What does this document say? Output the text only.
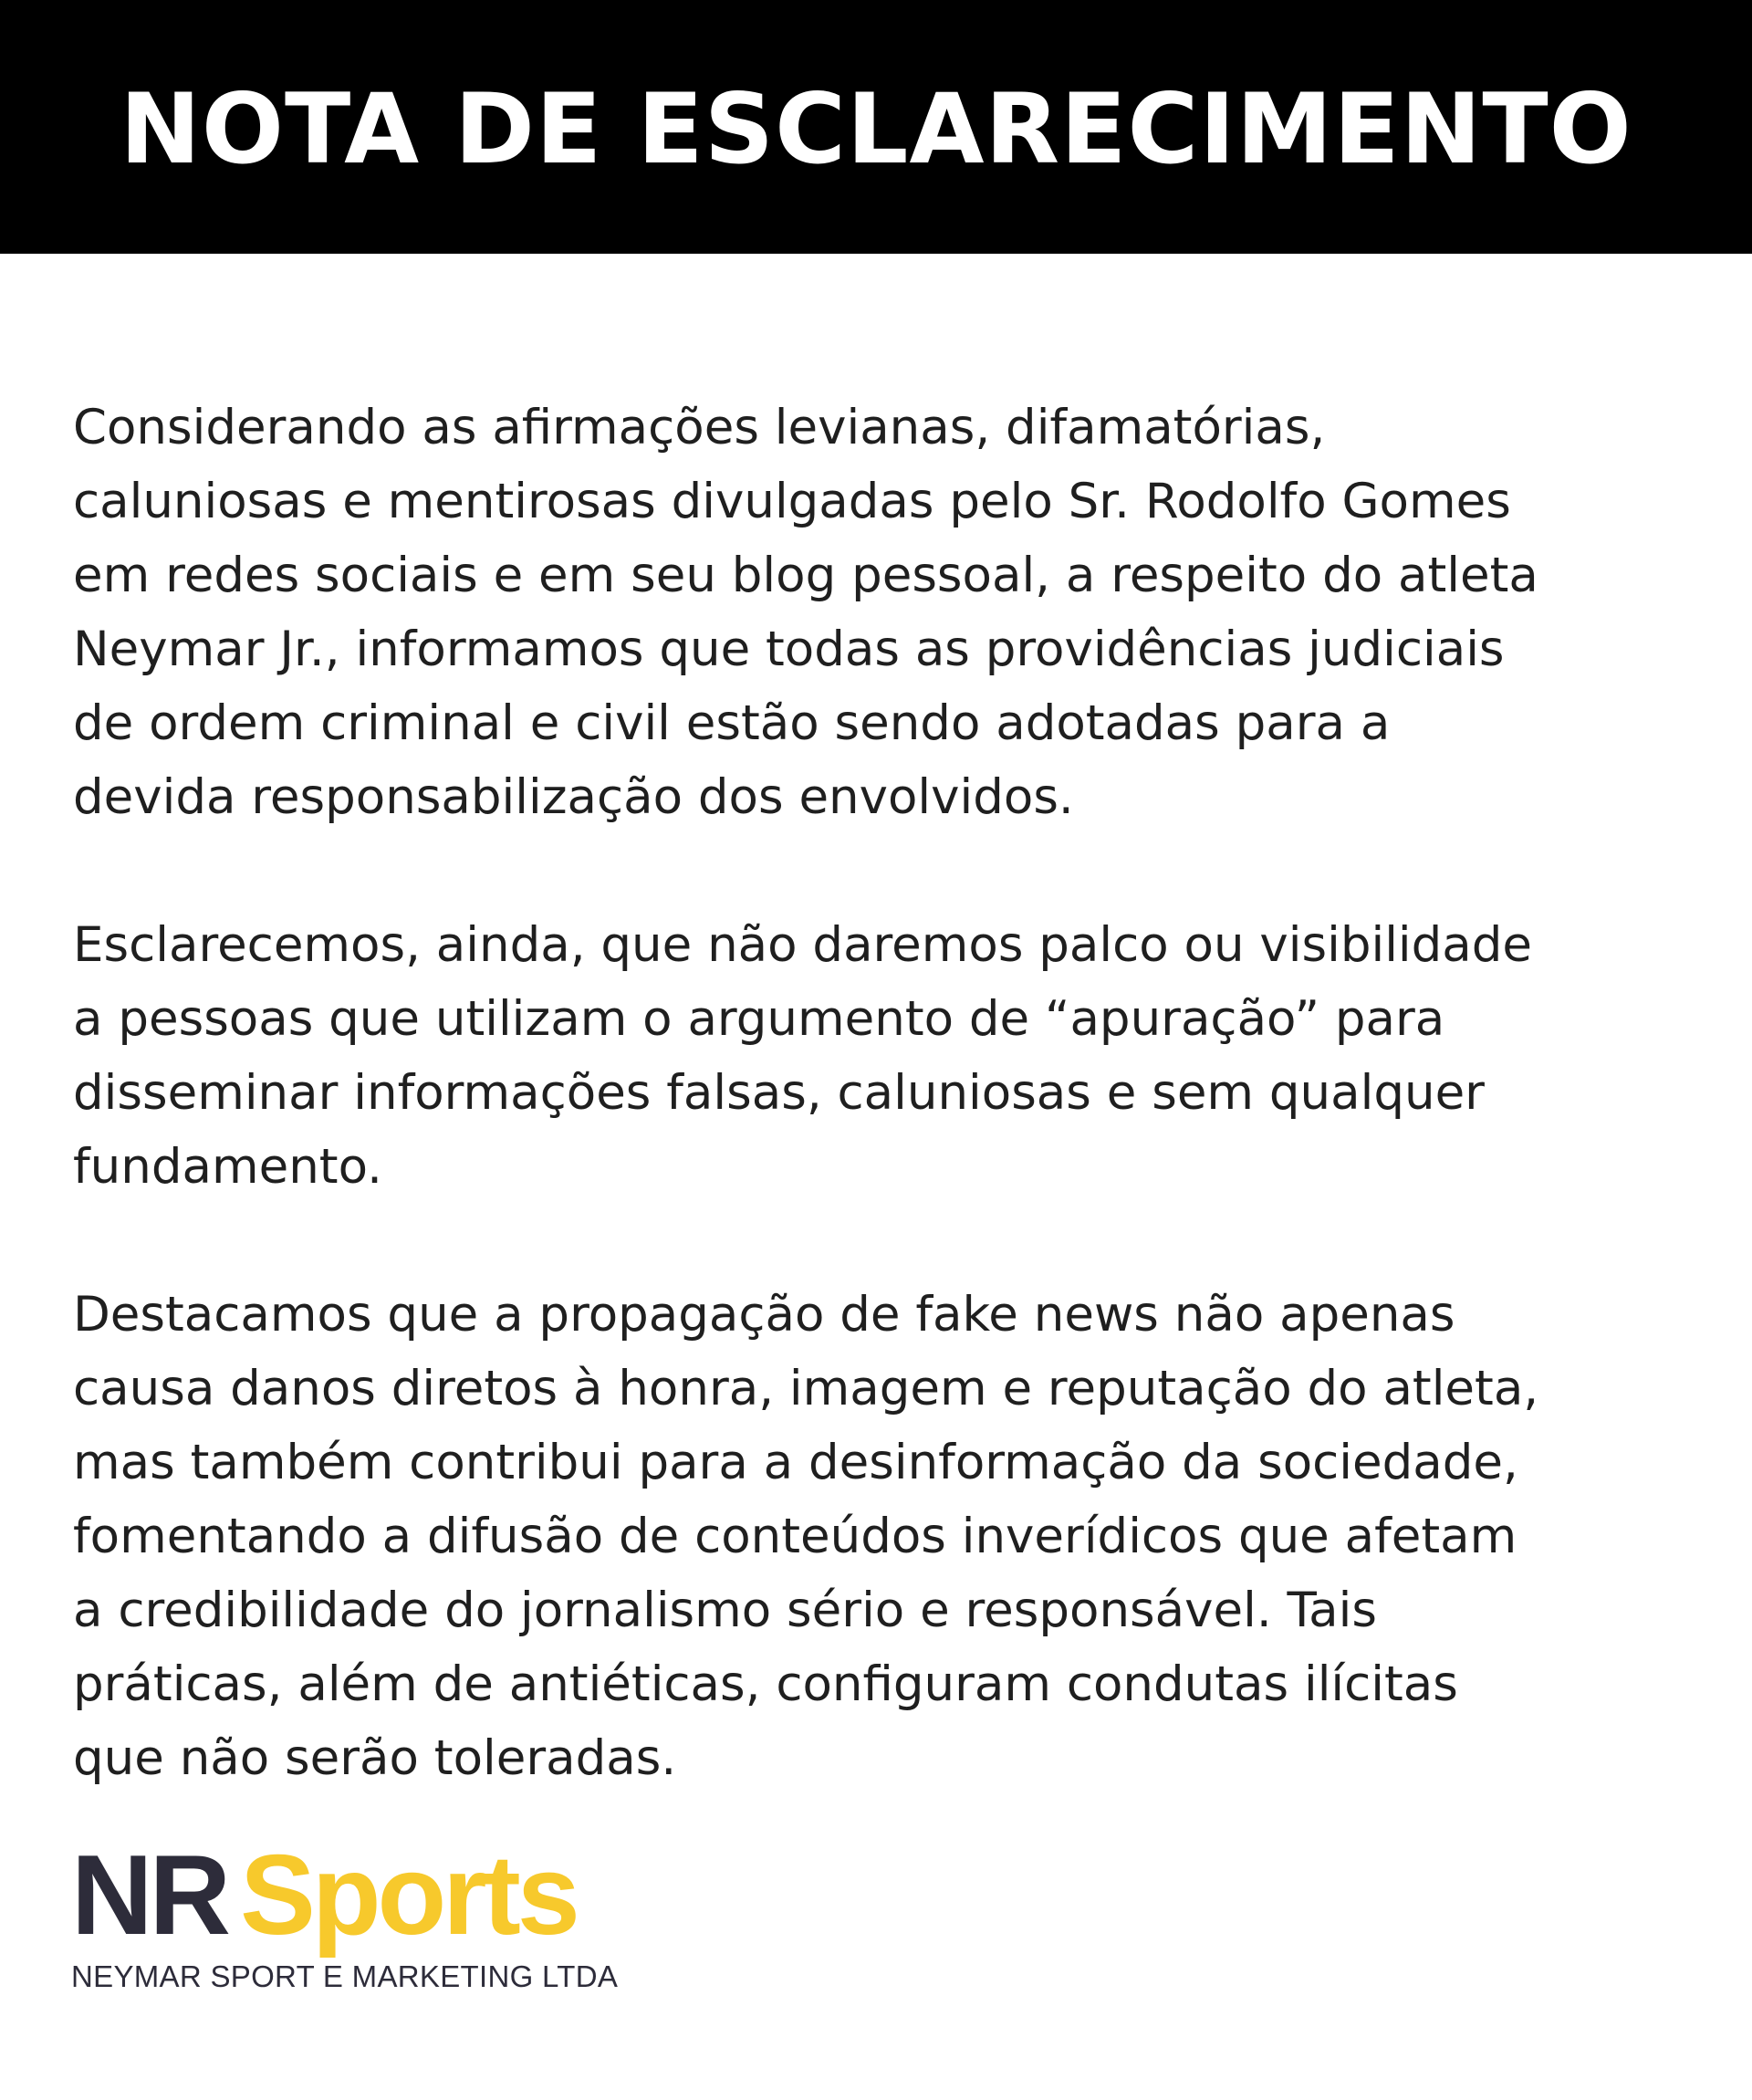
NOTA DE ESCLARECIMENTO

Considerando as afirmações levianas, difamatórias,
caluniosas e mentirosas divulgadas pelo Sr. Rodolfo Gomes
em redes sociais e em seu blog pessoal, a respeito do atleta
Neymar Jr., informamos que todas as providências judiciais
de ordem criminal e civil estão sendo adotadas para a
devida responsabilização dos envolvidos.

Esclarecemos, ainda, que não daremos palco ou visibilidade
a pessoas que utilizam o argumento de “apuração” para
disseminar informações falsas, caluniosas e sem qualquer
fundamento.

Destacamos que a propagação de fake news não apenas
causa danos diretos à honra, imagem e reputação do atleta,
mas também contribui para a desinformação da sociedade,
fomentando a difusão de conteúdos inverídicos que afetam
a credibilidade do jornalismo sério e responsável. Tais
práticas, além de antiéticas, configuram condutas ilícitas
que não serão toleradas.

NR Sports
NEYMAR SPORT E MARKETING LTDA
